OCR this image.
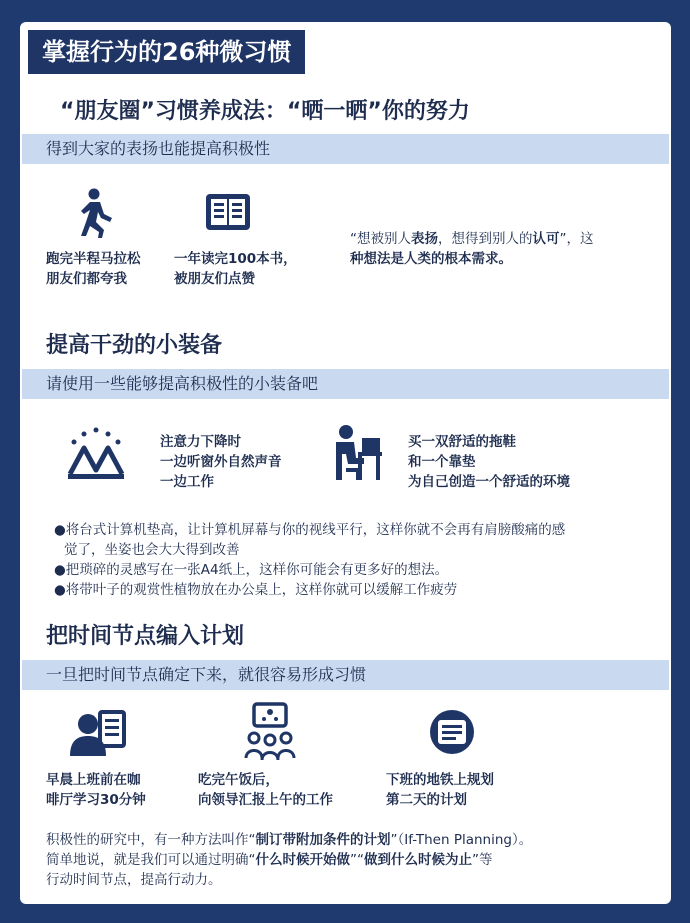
掌握行为的26种微习惯
“朋友圈”习惯养成法：“晒一晒”你的努力
得到大家的表扬也能提高积极性
跑完半程马拉松
朋友们都夸我
一年读完100本书，
被朋友们点赞
“想被别人表扬，想得到别人的认可”，这
种想法是人类的根本需求。
提高干劲的小装备
请使用一些能够提高积极性的小装备吧
注意力下降时
一边听窗外自然声音
一边工作
买一双舒适的拖鞋
和一个靠垫
为自己创造一个舒适的环境
●将台式计算机垫高，让计算机屏幕与你的视线平行，这样你就不会再有肩膀酸痛的感
觉了，坐姿也会大大得到改善
●把琐碎的灵感写在一张A4纸上，这样你可能会有更多好的想法。
●将带叶子的观赏性植物放在办公桌上，这样你就可以缓解工作疲劳
把时间节点编入计划
一旦把时间节点确定下来，就很容易形成习惯
早晨上班前在咖
啡厅学习30分钟
吃完午饭后，
向领导汇报上午的工作
下班的地铁上规划
第二天的计划
积极性的研究中，有一种方法叫作“制订带附加条件的计划”（If-Then Planning）。
简单地说，就是我们可以通过明确“什么时候开始做”“做到什么时候为止”等
行动时间节点，提高行动力。
